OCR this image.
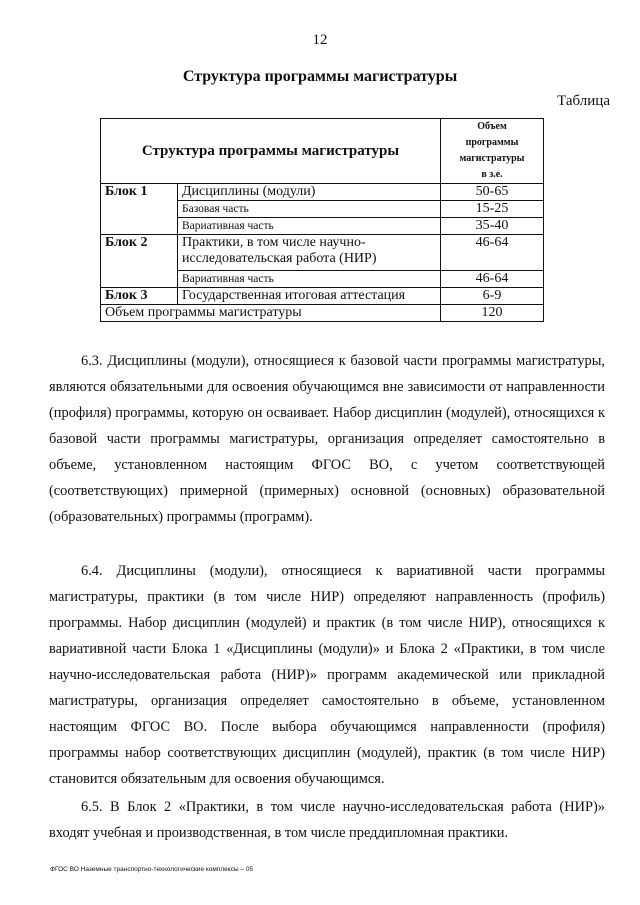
12
Структура программы магистратуры
Таблица
Структура программы магистратуры		Объем
программы
магистратуры
в з.е.

Блок 1	Дисциплины (модули)	50-65
	Базовая часть	15-25
	Вариативная часть	35-40
Блок 2	Практики, в том числе научно-исследовательская работа (НИР)	46-64
	Вариативная часть	46-64
Блок 3	Государственная итоговая аттестация	6-9
Объем программы магистратуры		120

6.3. Дисциплины (модули), относящиеся к базовой части программы магистратуры, являются обязательными для освоения обучающимся вне зависимости от направленности (профиля) программы, которую он осваивает. Набор дисциплин (модулей), относящихся к базовой части программы магистратуры, организация определяет самостоятельно в объеме, установленном настоящим ФГОС ВО, с учетом соответствующей (соответствующих) примерной (примерных) основной (основных) образовательной (образовательных) программы (программ).

6.4. Дисциплины (модули), относящиеся к вариативной части программы магистратуры, практики (в том числе НИР) определяют направленность (профиль) программы. Набор дисциплин (модулей) и практик (в том числе НИР), относящихся к вариативной части Блока 1 «Дисциплины (модули)» и Блока 2 «Практики, в том числе научно-исследовательская работа (НИР)» программ академической или прикладной магистратуры, организация определяет самостоятельно в объеме, установленном настоящим ФГОС ВО. После выбора обучающимся направленности (профиля) программы набор соответствующих дисциплин (модулей), практик (в том числе НИР) становится обязательным для освоения обучающимся.

6.5. В Блок 2 «Практики, в том числе научно-исследовательская работа (НИР)» входят учебная и производственная, в том числе преддипломная практики.

ФГОС ВО Наземные транспортно-технологические комплексы – 05
